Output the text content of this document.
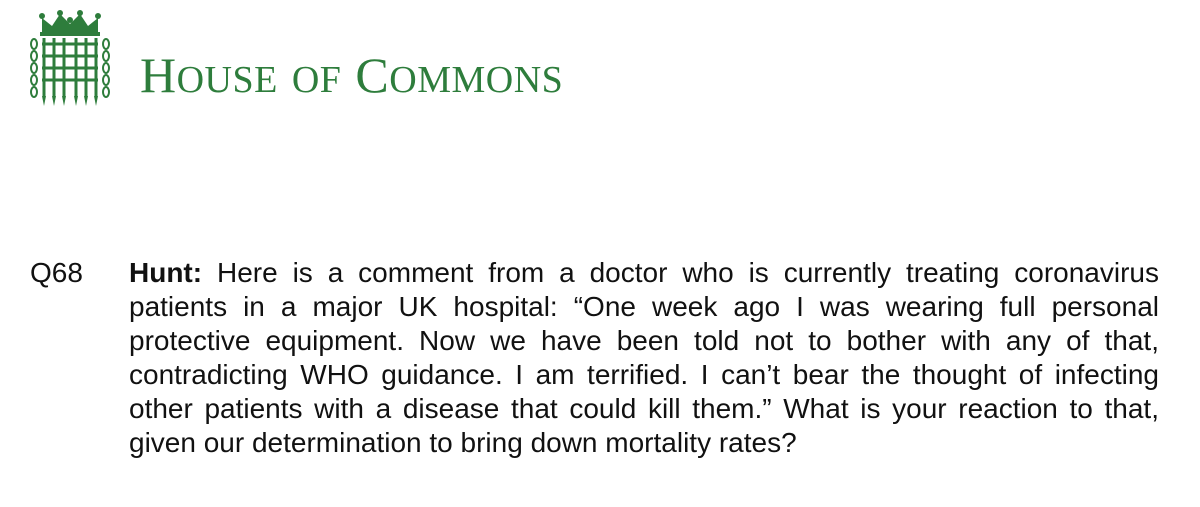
HOUSE OF COMMONS
Q68 Hunt: Here is a comment from a doctor who is currently treating coronavirus patients in a major UK hospital: “One week ago I was wearing full personal protective equipment. Now we have been told not to bother with any of that, contradicting WHO guidance. I am terrified. I can’t bear the thought of infecting other patients with a disease that could kill them.” What is your reaction to that, given our determination to bring down mortality rates?
